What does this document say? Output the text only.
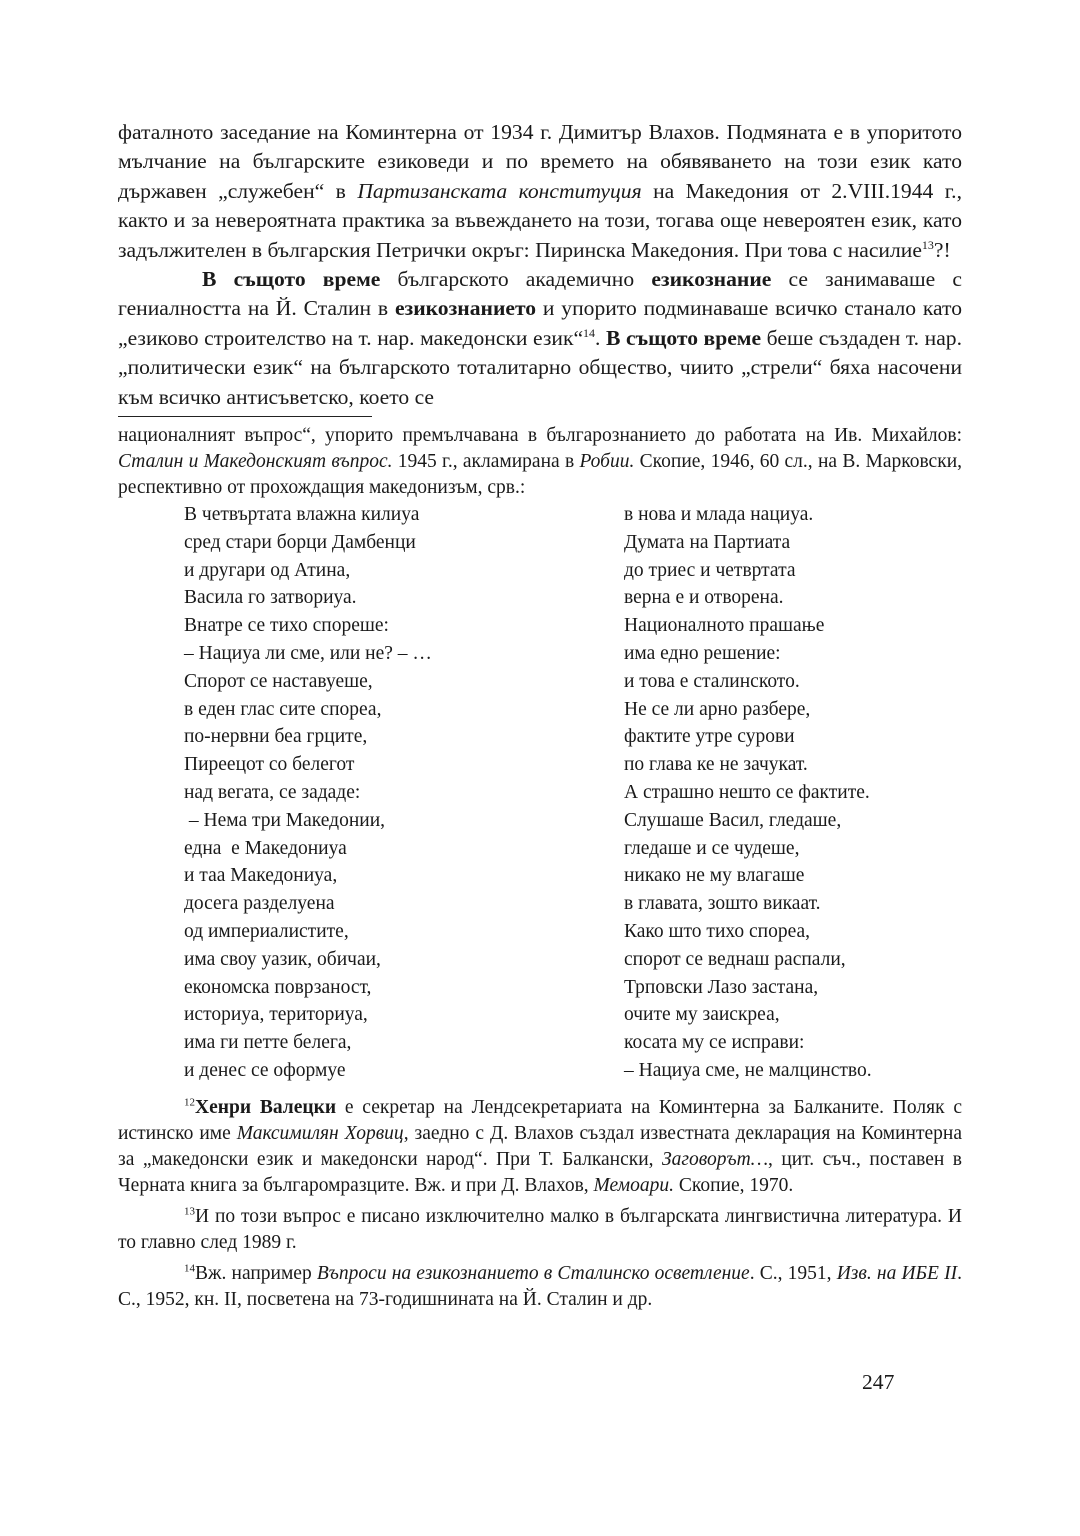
фаталното заседание на Коминтерна от 1934 г. Димитър Влахов. Подмяната е в упоритото мълчание на българските езиковеди и по времето на обявяването на този език като държавен „служебен“ в Партизанската конституция на Македония от 2.VIII.1944 г., както и за невероятната практика за въвеждането на този, тогава още невероятен език, като задължителен в българския Петрички окръг: Пиринска Македония. При това с насилие$^{13}$?!

В същото време българското академично езикознание се занимаваше с гениалността на Й. Сталин в езикознанието и упорито подминаваше всичко станало като „езиково строителство на т. нар. македонски език“$^{14}$. В същото време беше създаден т. нар. „политически език“ на българското тоталитарно общество, чиито „стрели“ бяха насочени към всичко антисъветско, което се

националният въпрос“, упорито премълчавана в българознанието до работата на Ив. Михайлов: Сталин и Македонският въпрос. 1945 г., акламирана в Робии. Скопие, 1946, 60 сл., на В. Марковски, респективно от прохождащия македонизъм, срв.:

В четвъртата влажна килиуа
сред стари борци Дамбенци
и другари од Атина,
Васила го затвориуа.
Внатре се тихо спореше:
– Нациуа ли сме, или не? – …
Спорот се наставуеше,
в еден глас сите спореа,
по-нервни беа грците,
Пиреецот со белегот
над вегата, се зададе:
– Нема три Македонии,
една  е Македониуа
и таа Македониуа,
досега разделуена
од империалистите,
има своу уазик, обичаи,
економска поврзаност,
историуа, териториуа,
има ги петте белега,
и денес се оформуе
в нова и млада нациуа.
Думата на Партиата
до триес и четвртата
верна е и отворена.
Националното прашање
има едно решение:
и това е сталинското.
Не се ли арно разбере,
фактите утре сурови
по глава ке не зачукат.
А страшно нешто се фактите.
Слушаше Васил, гледаше,
гледаше и се чудеше,
никако не му влагаше
в главата, зошто викаат.
Како што тихо спореа,
спорот се веднаш распали,
Трповски Лазо застана,
очите му заискреа,
косата му се исправи:
– Нациуа сме, не малцинство.

$^{12}$Хенри Валецки е секретар на Лендсекретариата на Коминтерна за Балканите. Поляк с истинско име Максимилян Хорвиц, заедно с Д. Влахов създал известната декларация на Коминтерна за „македонски език и македонски народ“. При Т. Балкански, Заговорът…, цит. съч., поставен в Черната книга за българомразците. Вж. и при Д. Влахов, Мемоари. Скопие, 1970.

$^{13}$И по този въпрос е писано изключително малко в българската лингвистична литература. И то главно след 1989 г.

$^{14}$Вж. например Въпроси на езикознанието в Сталинско осветление. С., 1951, Изв. на ИБЕ II. С., 1952, кн. II, посветена на 73-годишнината на Й. Сталин и др.

247
